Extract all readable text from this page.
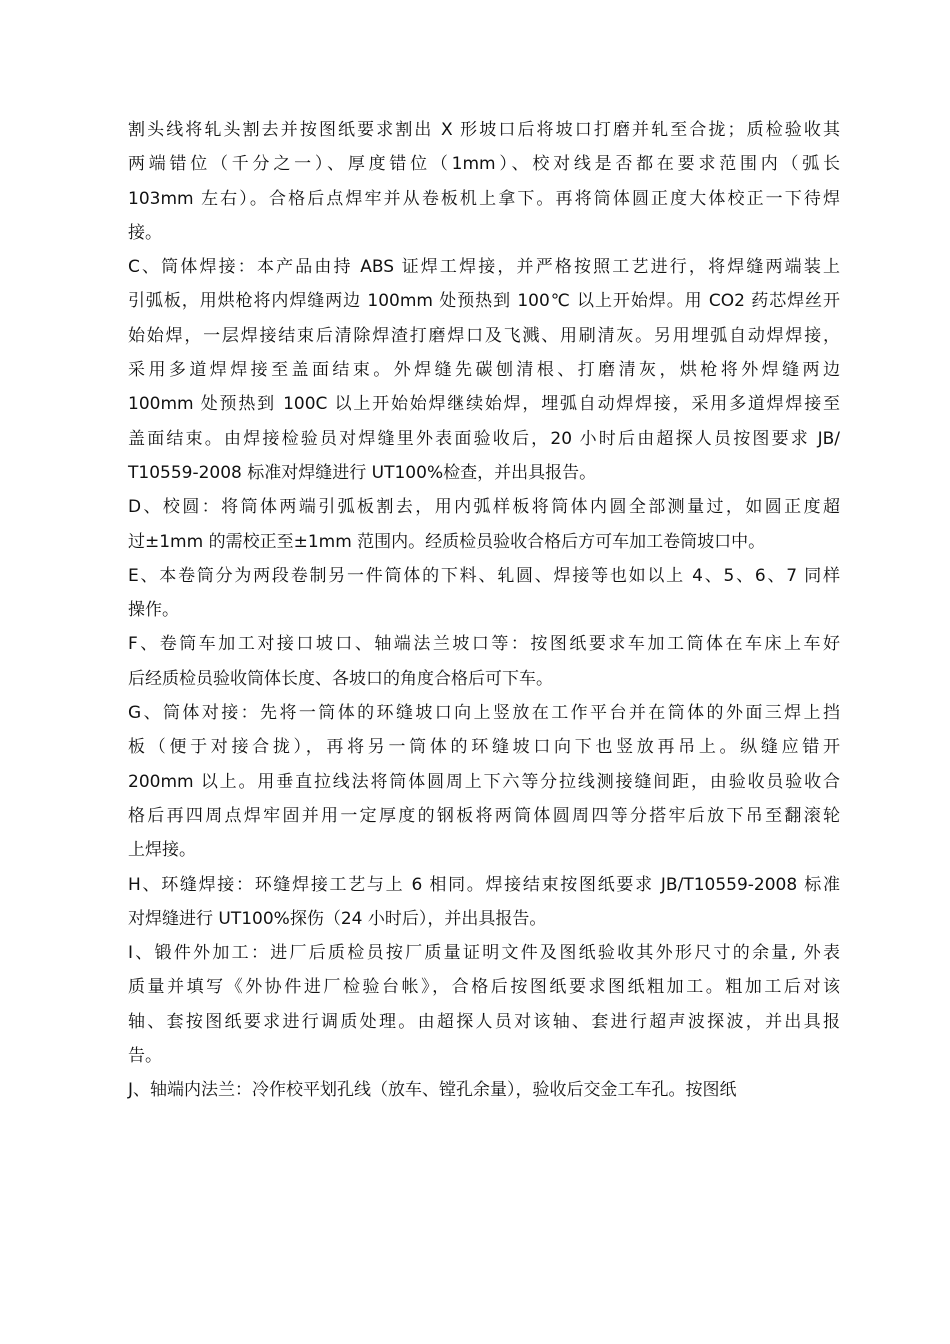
割头线将轧头割去并按图纸要求割出 X 形坡口后将坡口打磨并轧至合拢；质检验收其
两端错位（千分之一）、厚度错位（1mm）、校对线是否都在要求范围内（弧长
103mm 左右）。合格后点焊牢并从卷板机上拿下。再将筒体圆正度大体校正一下待焊
接。
C、筒体焊接：本产品由持 ABS 证焊工焊接，并严格按照工艺进行，将焊缝两端装上
引弧板，用烘枪将内焊缝两边 100mm 处预热到 100℃ 以上开始焊。用 CO2 药芯焊丝开
始始焊，一层焊接结束后清除焊渣打磨焊口及飞溅、用刷清灰。另用埋弧自动焊焊接，
采用多道焊焊接至盖面结束。外焊缝先碳刨清根、打磨清灰，烘枪将外焊缝两边
100mm 处预热到 100C 以上开始始焊继续始焊，埋弧自动焊焊接，采用多道焊焊接至
盖面结束。由焊接检验员对焊缝里外表面验收后，20 小时后由超探人员按图要求 JB/
T10559-2008 标准对焊缝进行 UT100%检查，并出具报告。
D、校圆：将筒体两端引弧板割去，用内弧样板将筒体内圆全部测量过，如圆正度超
过±1mm 的需校正至±1mm 范围内。经质检员验收合格后方可车加工卷筒坡口中。
E、本卷筒分为两段卷制另一件筒体的下料、轧圆、焊接等也如以上 4、5、6、7 同样
操作。
F、卷筒车加工对接口坡口、轴端法兰坡口等：按图纸要求车加工筒体在车床上车好
后经质检员验收筒体长度、各坡口的角度合格后可下车。
G、筒体对接：先将一筒体的环缝坡口向上竖放在工作平台并在筒体的外面三焊上挡
板（便于对接合拢），再将另一筒体的环缝坡口向下也竖放再吊上。纵缝应错开
200mm 以上。用垂直拉线法将筒体圆周上下六等分拉线测接缝间距，由验收员验收合
格后再四周点焊牢固并用一定厚度的钢板将两筒体圆周四等分搭牢后放下吊至翻滚轮
上焊接。
H、环缝焊接：环缝焊接工艺与上 6 相同。焊接结束按图纸要求 JB/T10559-2008 标准
对焊缝进行 UT100%探伤（24 小时后），并出具报告。
I、锻件外加工：进厂后质检员按厂质量证明文件及图纸验收其外形尺寸的余量, 外表
质量并填写《外协件进厂检验台帐》，合格后按图纸要求图纸粗加工。粗加工后对该
轴、套按图纸要求进行调质处理。由超探人员对该轴、套进行超声波探波，并出具报
告。
J、轴端内法兰：冷作校平划孔线（放车、镗孔余量），验收后交金工车孔。按图纸
